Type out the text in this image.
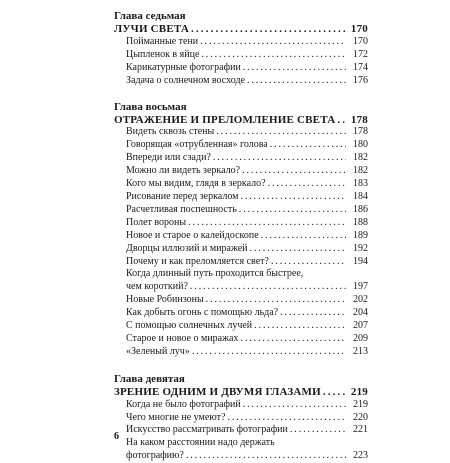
Глава седьмая
ЛУЧИ СВЕТА . . .	170
Пойманные тени . . .	170
Цыпленок в яйце . . .	172
Карикатурные фотографии . . .	174
Задача о солнечном восходе . . .	176
Глава восьмая
ОТРАЖЕНИЕ И ПРЕЛОМЛЕНИЕ СВЕТА . . . 178
Видеть сквозь стены . . .	178
Говорящая «отрубленная» голова . . .	180
Впереди или сзади? . . .	182
Можно ли видеть зеркало? . . .	182
Кого мы видим, глядя в зеркало? . . .	183
Рисование перед зеркалом . . .	184
Расчетливая поспешность . . .	186
Полет вороны . . .	188
Новое и старое о калейдоскопе . . .	189
Дворцы иллюзий и миражей . . .	192
Почему и как преломляется свет? . . .	194
Когда длинный путь проходится быстрее,
чем короткий? . . .	197
Новые Робинзоны . . .	202
Как добыть огонь с помощью льда? . . .	204
С помощью солнечных лучей . . .	207
Старое и новое о миражах . . .	209
«Зеленый луч» . . .	213
Глава девятая
ЗРЕНИЕ ОДНИМ И ДВУМЯ ГЛАЗАМИ . . .	219
Когда не было фотографий . . .	219
Чего многие не умеют? . . .	220
Искусство рассматривать фотографии . . .	221
На каком расстоянии надо держать
фотографию? . . .	223
6
